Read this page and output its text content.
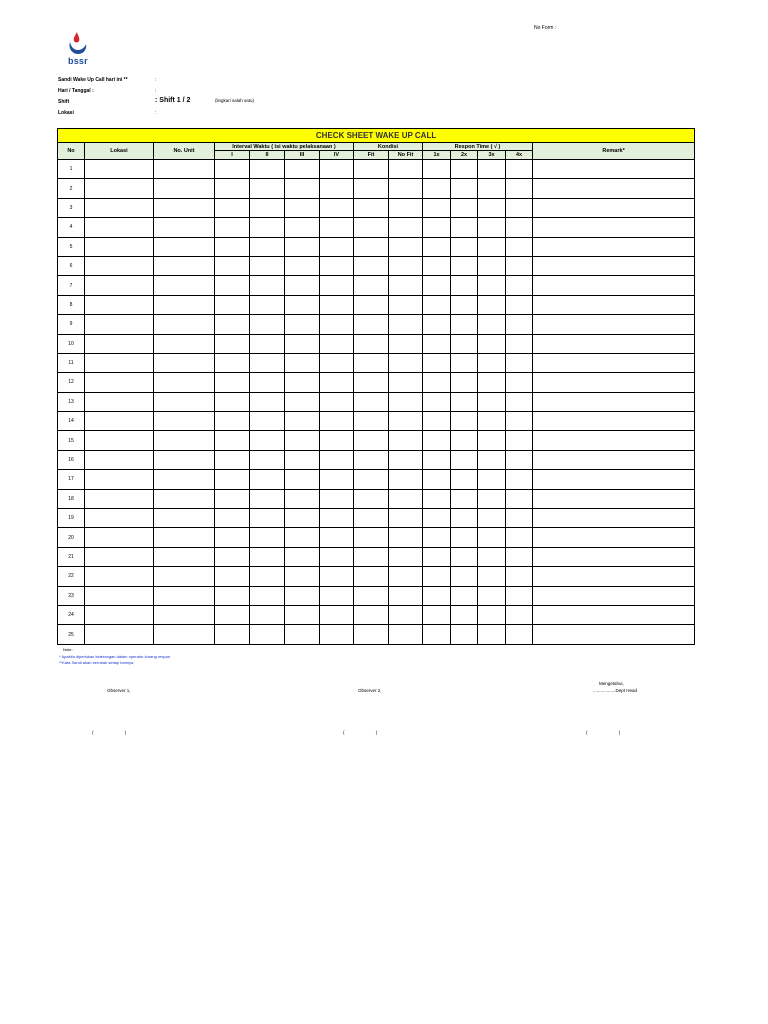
No Form :
bssr
Sandi Wake Up Call hari ini **	:
Hari / Tanggal :	:
Shift	: Shift 1 / 2	(lingkari salah satu)
Lokasi	:
CHECK SHEET WAKE UP CALL													
No	Lokasi	No. Unit	Interval Waktu ( isi waktu pelaksanaan )				Kondisi		Respon Time ( √ )				Remark*
			I	II	III	IV	Fit	No Fit	1x	2x	3x	4x	
1													
2													
3													
4													
5													
6													
7													
8													
9													
10													
11													
12													
13													
14													
15													
16													
17													
18													
19													
20													
21													
22													
23													
24													
25													
Note :
* Apabila diperlukan keterangan dalam operator kurang respon
**Kata Sandi akan berubah setiap harinya
Observer 1,	Observer 2,
Mengetahui,
..................Dept Head
(                         )	(                         )	(                         )
